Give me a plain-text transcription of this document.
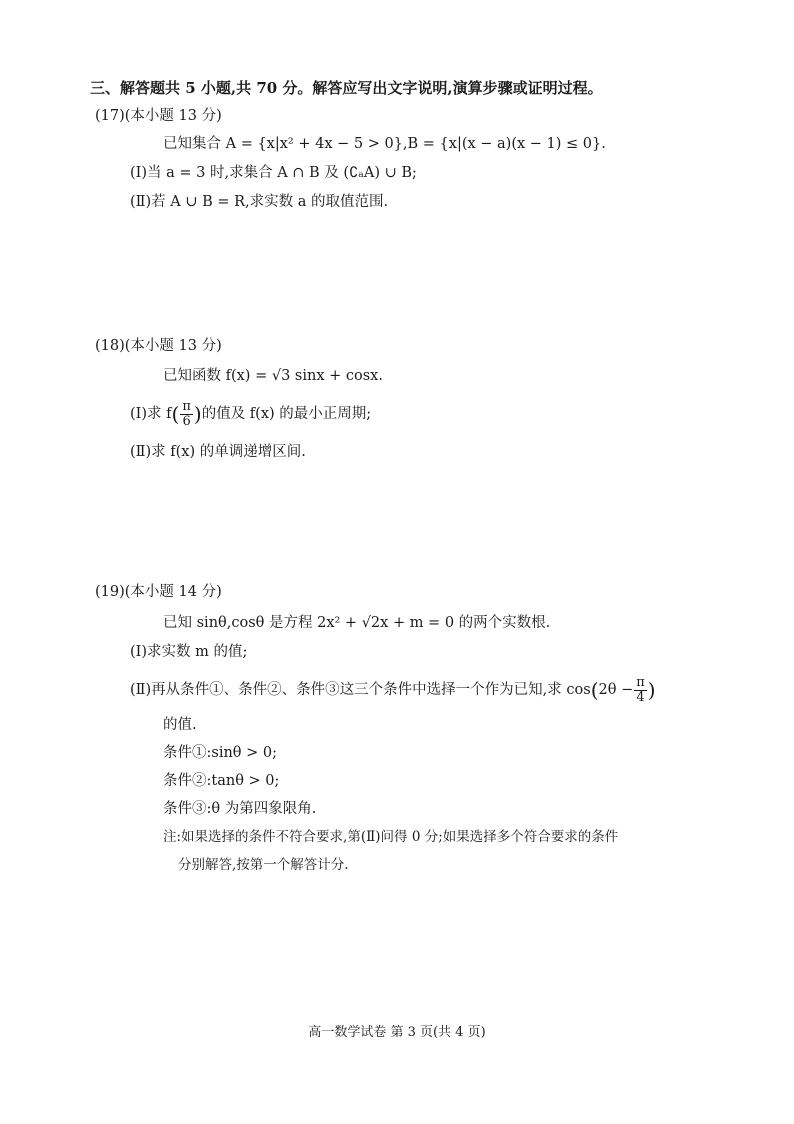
三、解答题共 5 小题,共 70 分。解答应写出文字说明,演算步骤或证明过程。
(17)(本小题 13 分)
已知集合 A = {x|x² + 4x − 5 > 0},B = {x|(x − a)(x − 1) ≤ 0}.
(Ⅰ)当 a = 3 时,求集合 A ∩ B 及 (∁ₐA) ∪ B;
(Ⅱ)若 A ∪ B = R,求实数 a 的取值范围.
(18)(本小题 13 分)
已知函数 f(x) = √3 sinx + cosx.
(Ⅰ)求 $f( \frac{\pi}{6}$ )的值及 f(x) 的最小正周期;
(Ⅱ)求 f(x) 的单调递增区间.
(19)(本小题 14 分)
已知 sinθ,cosθ 是方程 2x² + √2x + m = 0 的两个实数根.
(Ⅰ)求实数 m 的值;
(Ⅱ)再从条件①、条件②、条件③这三个条件中选择一个作为已知,求 $\cos(2\theta - \frac{\pi}{4}$ )
的值.
条件①:sinθ > 0;
条件②:tanθ > 0;
条件③:θ 为第四象限角.
注:如果选择的条件不符合要求,第(Ⅱ)问得 0 分;如果选择多个符合要求的条件
分别解答,按第一个解答计分.
高一数学试卷 第 3 页(共 4 页)
